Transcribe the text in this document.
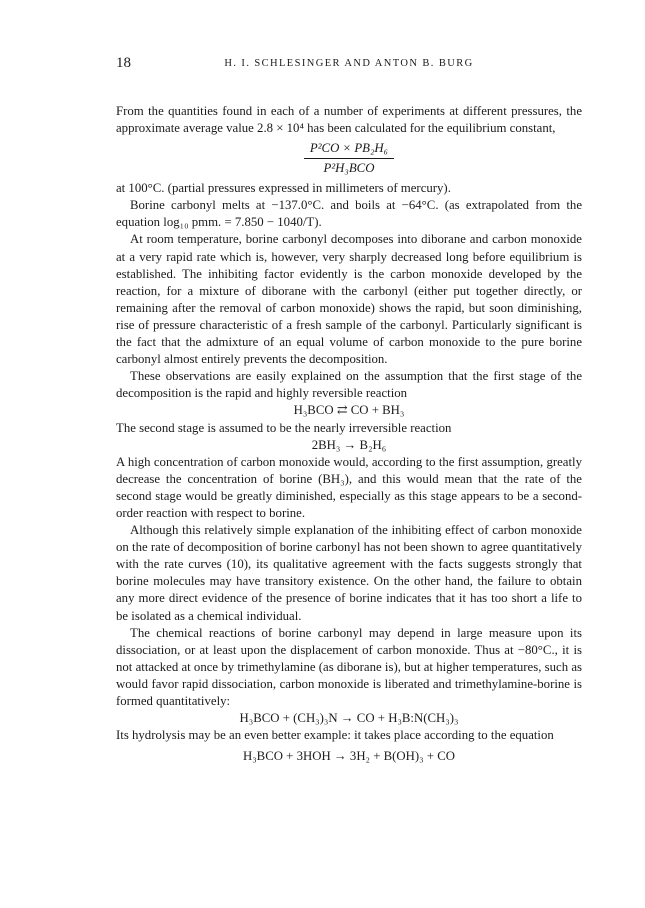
18	H. I. SCHLESINGER AND ANTON B. BURG

From the quantities found in each of a number of experiments at different pressures, the approximate average value 2.8 × 10⁴ has been calculated for the equilibrium constant,

$\frac{\text{P²CO × PB₂H₆}}{\text{P²H₃BCO}}$

at 100°C. (partial pressures expressed in millimeters of mercury).

Borine carbonyl melts at −137.0°C. and boils at −64°C. (as extrapolated from the equation log₁₀ pmm. = 7.850 − 1040/T).

At room temperature, borine carbonyl decomposes into diborane and carbon monoxide at a very rapid rate which is, however, very sharply decreased long before equilibrium is established. The inhibiting factor evidently is the carbon monoxide developed by the reaction, for a mixture of diborane with the carbonyl (either put together directly, or remaining after the removal of carbon monoxide) shows the rapid, but soon diminishing, rise of pressure characteristic of a fresh sample of the carbonyl. Particularly significant is the fact that the admixture of an equal volume of carbon monoxide to the pure borine carbonyl almost entirely prevents the decomposition.

These observations are easily explained on the assumption that the first stage of the decomposition is the rapid and highly reversible reaction

H₃BCO ⇄ CO + BH₃

The second stage is assumed to be the nearly irreversible reaction

2BH₃ → B₂H₆

A high concentration of carbon monoxide would, according to the first assumption, greatly decrease the concentration of borine (BH₃), and this would mean that the rate of the second stage would be greatly diminished, especially as this stage appears to be a second-order reaction with respect to borine.

Although this relatively simple explanation of the inhibiting effect of carbon monoxide on the rate of decomposition of borine carbonyl has not been shown to agree quantitatively with the rate curves (10), its qualitative agreement with the facts suggests strongly that borine molecules may have transitory existence. On the other hand, the failure to obtain any more direct evidence of the presence of borine indicates that it has too short a life to be isolated as a chemical individual.

The chemical reactions of borine carbonyl may depend in large measure upon its dissociation, or at least upon the displacement of carbon monoxide. Thus at −80°C., it is not attacked at once by trimethylamine (as diborane is), but at higher temperatures, such as would favor rapid dissociation, carbon monoxide is liberated and trimethylamine-borine is formed quantitatively:

H₃BCO + (CH₃)₃N → CO + H₃B:N(CH₃)₃

Its hydrolysis may be an even better example: it takes place according to the equation

H₃BCO + 3HOH → 3H₂ + B(OH)₃ + CO
